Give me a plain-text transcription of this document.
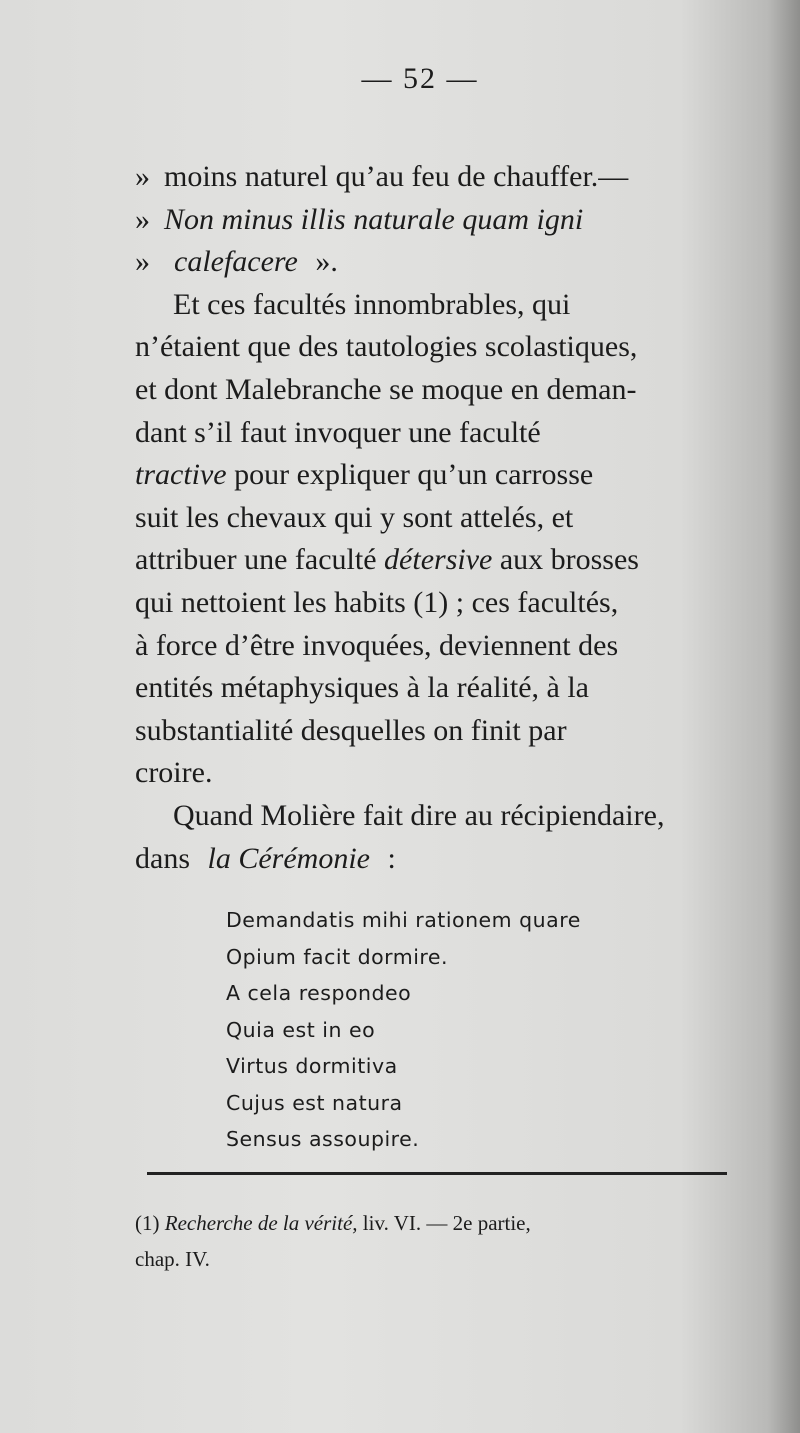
— 52 —
» moins naturel qu’au feu de chauffer.—
» Non minus illis naturale quam igni
» calefacere ».
Et ces facultés innombrables, qui
n’étaient que des tautologies scolastiques,
et dont Malebranche se moque en deman-
dant s’il faut invoquer une faculté
tractive pour expliquer qu’un carrosse
suit les chevaux qui y sont attelés, et
attribuer une faculté détersive aux brosses
qui nettoient les habits (1) ; ces facultés,
à force d’être invoquées, deviennent des
entités métaphysiques à la réalité, à la
substantialité desquelles on finit par
croire.
Quand Molière fait dire au récipiendaire,
dans la Cérémonie :
Demandatis mihi rationem quare
Opium facit dormire.
A cela respondeo
Quia est in eo
Virtus dormitiva
Cujus est natura
Sensus assoupire.
(1) Recherche de la vérité, liv. VI. — 2e partie,
chap. IV.
